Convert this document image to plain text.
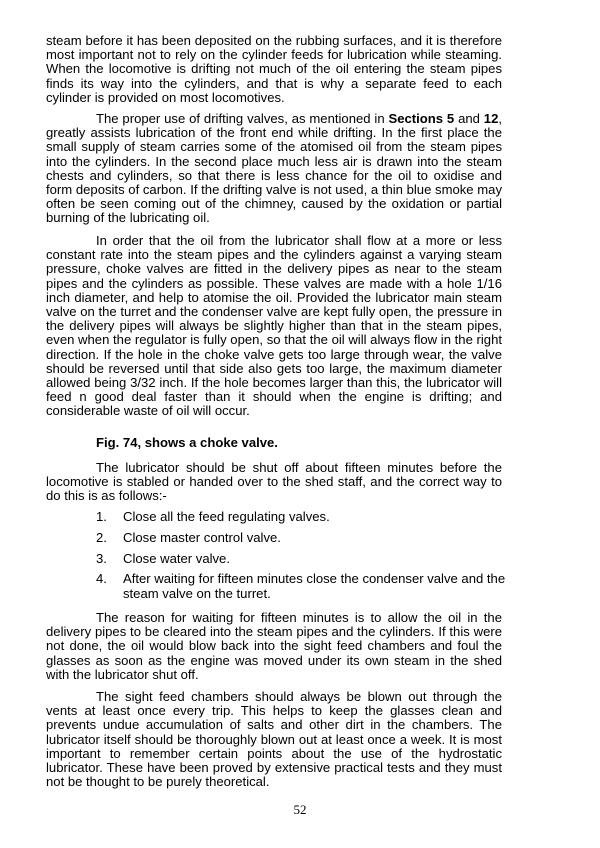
steam before it has been deposited on the rubbing surfaces, and it is therefore most important not to rely on the cylinder feeds for lubrication while steaming. When the locomotive is drifting not much of the oil entering the steam pipes finds its way into the cylinders, and that is why a separate feed to each cylinder is provided on most locomotives.

The proper use of drifting valves, as mentioned in Sections 5 and 12, greatly assists lubrication of the front end while drifting. In the first place the small supply of steam carries some of the atomised oil from the steam pipes into the cylinders. In the second place much less air is drawn into the steam chests and cylinders, so that there is less chance for the oil to oxidise and form deposits of carbon. If the drifting valve is not used, a thin blue smoke may often be seen coming out of the chimney, caused by the oxidation or partial burning of the lubricating oil.

In order that the oil from the lubricator shall flow at a more or less constant rate into the steam pipes and the cylinders against a varying steam pressure, choke valves are fitted in the delivery pipes as near to the steam pipes and the cylinders as possible. These valves are made with a hole 1/16 inch diameter, and help to atomise the oil. Provided the lubricator main steam valve on the turret and the condenser valve are kept fully open, the pressure in the delivery pipes will always be slightly higher than that in the steam pipes, even when the regulator is fully open, so that the oil will always flow in the right direction. If the hole in the choke valve gets too large through wear, the valve should be reversed until that side also gets too large, the maximum diameter allowed being 3/32 inch. If the hole becomes larger than this, the lubricator will feed n good deal faster than it should when the engine is drifting; and considerable waste of oil will occur.

Fig. 74, shows a choke valve.

The lubricator should be shut off about fifteen minutes before the locomotive is stabled or handed over to the shed staff, and the correct way to do this is as follows:-

1.	Close all the feed regulating valves.
2.	Close master control valve.
3.	Close water valve.
4.	After waiting for fifteen minutes close the condenser valve and the steam valve on the turret.

The reason for waiting for fifteen minutes is to allow the oil in the delivery pipes to be cleared into the steam pipes and the cylinders. If this were not done, the oil would blow back into the sight feed chambers and foul the glasses as soon as the engine was moved under its own steam in the shed with the lubricator shut off.

The sight feed chambers should always be blown out through the vents at least once every trip. This helps to keep the glasses clean and prevents undue accumulation of salts and other dirt in the chambers. The lubricator itself should be thoroughly blown out at least once a week. It is most important to remember certain points about the use of the hydrostatic lubricator. These have been proved by extensive practical tests and they must not be thought to be purely theoretical.

52
